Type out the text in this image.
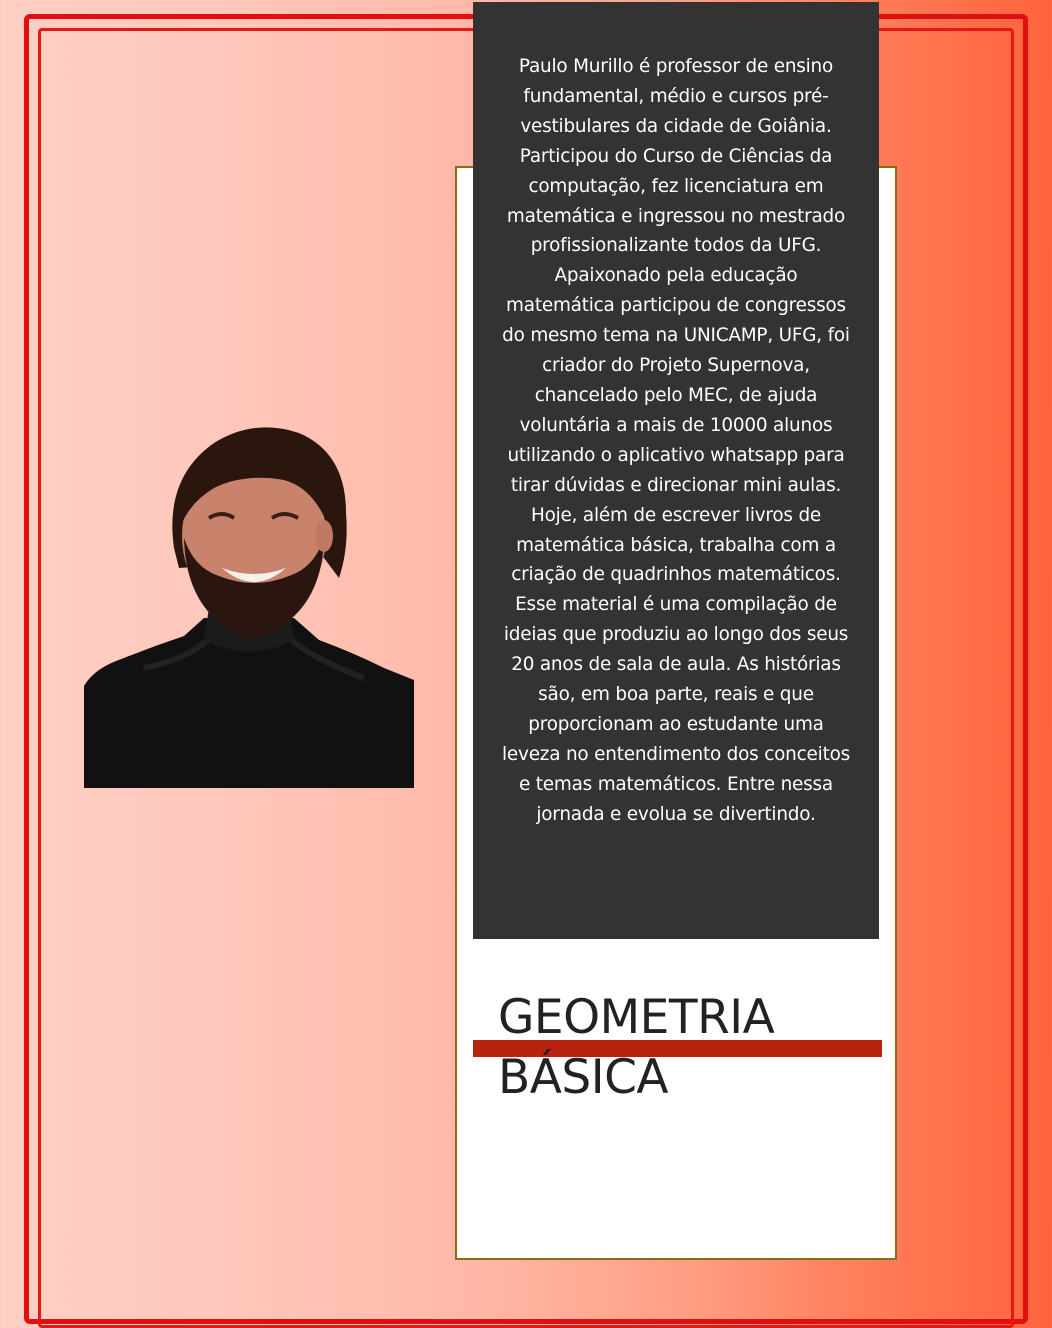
Paulo Murillo é professor de ensino fundamental, médio e cursos pré-vestibulares da cidade de Goiânia. Participou do Curso de Ciências da computação, fez licenciatura em matemática e ingressou no mestrado profissionalizante todos da UFG. Apaixonado pela educação matemática participou de congressos do mesmo tema na UNICAMP, UFG, foi criador do Projeto Supernova, chancelado pelo MEC, de ajuda voluntária a mais de 10000 alunos utilizando o aplicativo whatsapp para tirar dúvidas e direcionar mini aulas. Hoje, além de escrever livros de matemática básica, trabalha com a criação de quadrinhos matemáticos. Esse material é uma compilação de ideias que produziu ao longo dos seus 20 anos de sala de aula. As histórias são, em boa parte, reais e que proporcionam ao estudante uma leveza no entendimento dos conceitos e temas matemáticos. Entre nessa jornada e evolua se divertindo.

GEOMETRIA
BÁSICA
